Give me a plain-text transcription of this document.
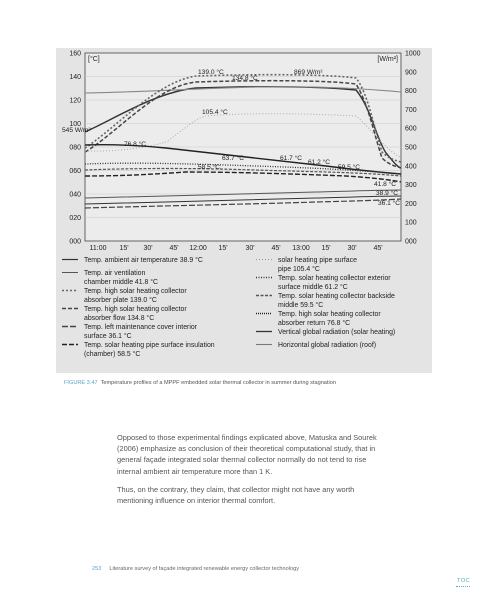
160
140
120
100
080
060
040
020
000
1000
900
800
700
600
500
400
300
200
100
000
[°C]	[W/m²]
11:00 15' 30' 45' 12:00 15'	30' 45' 13:00 15' 30' 45'
139.0 °C
134.8 °C
869 W/m²
105.4 °C
545 W/m²
76.8 °C
63.7 °C
58.5 °C
61.7 °C
61.2 °C
59.5 °C
41.8 °C
38.9 °C
36.1 °C
Temp. ambient air temperature 38.9 °C
Temp. air ventilation
chamber middle 41.8 °C
Temp. high solar heating collector
absorber plate 139.0 °C
Temp. high solar heating collector
absorber flow 134.8 °C
Temp. left maintenance cover interior
surface 36.1 °C
Temp. solar heating pipe surface insulation
(chamber) 58.5 °C
solar heating pipe surface
pipe 105.4 °C
Temp. solar heating collector exterior
surface middle 61.2 °C
Temp. solar heating collector backside
middle 59.5 °C
Temp. high solar heating collector
absorber return 76.8 °C
Vertical global radiation (solar heating)
Horizontal global radiation (roof)
FIGURE 3.47 Temperature profiles of a MPPF embedded solar thermal collector in summer during stagnation

Opposed to those experimental findings explicated above, Matuska and Sourek (2006) emphasize as conclusion of their theoretical computational study, that in general façade integrated solar thermal collector normally do not tend to rise internal ambient air temperature more than 1 K.

Thus, on the contrary, they claim, that collector might not have any worth mentioning influence on interior thermal comfort.

253 Literature survey of façade integrated renewable energy collector technology
TOC
